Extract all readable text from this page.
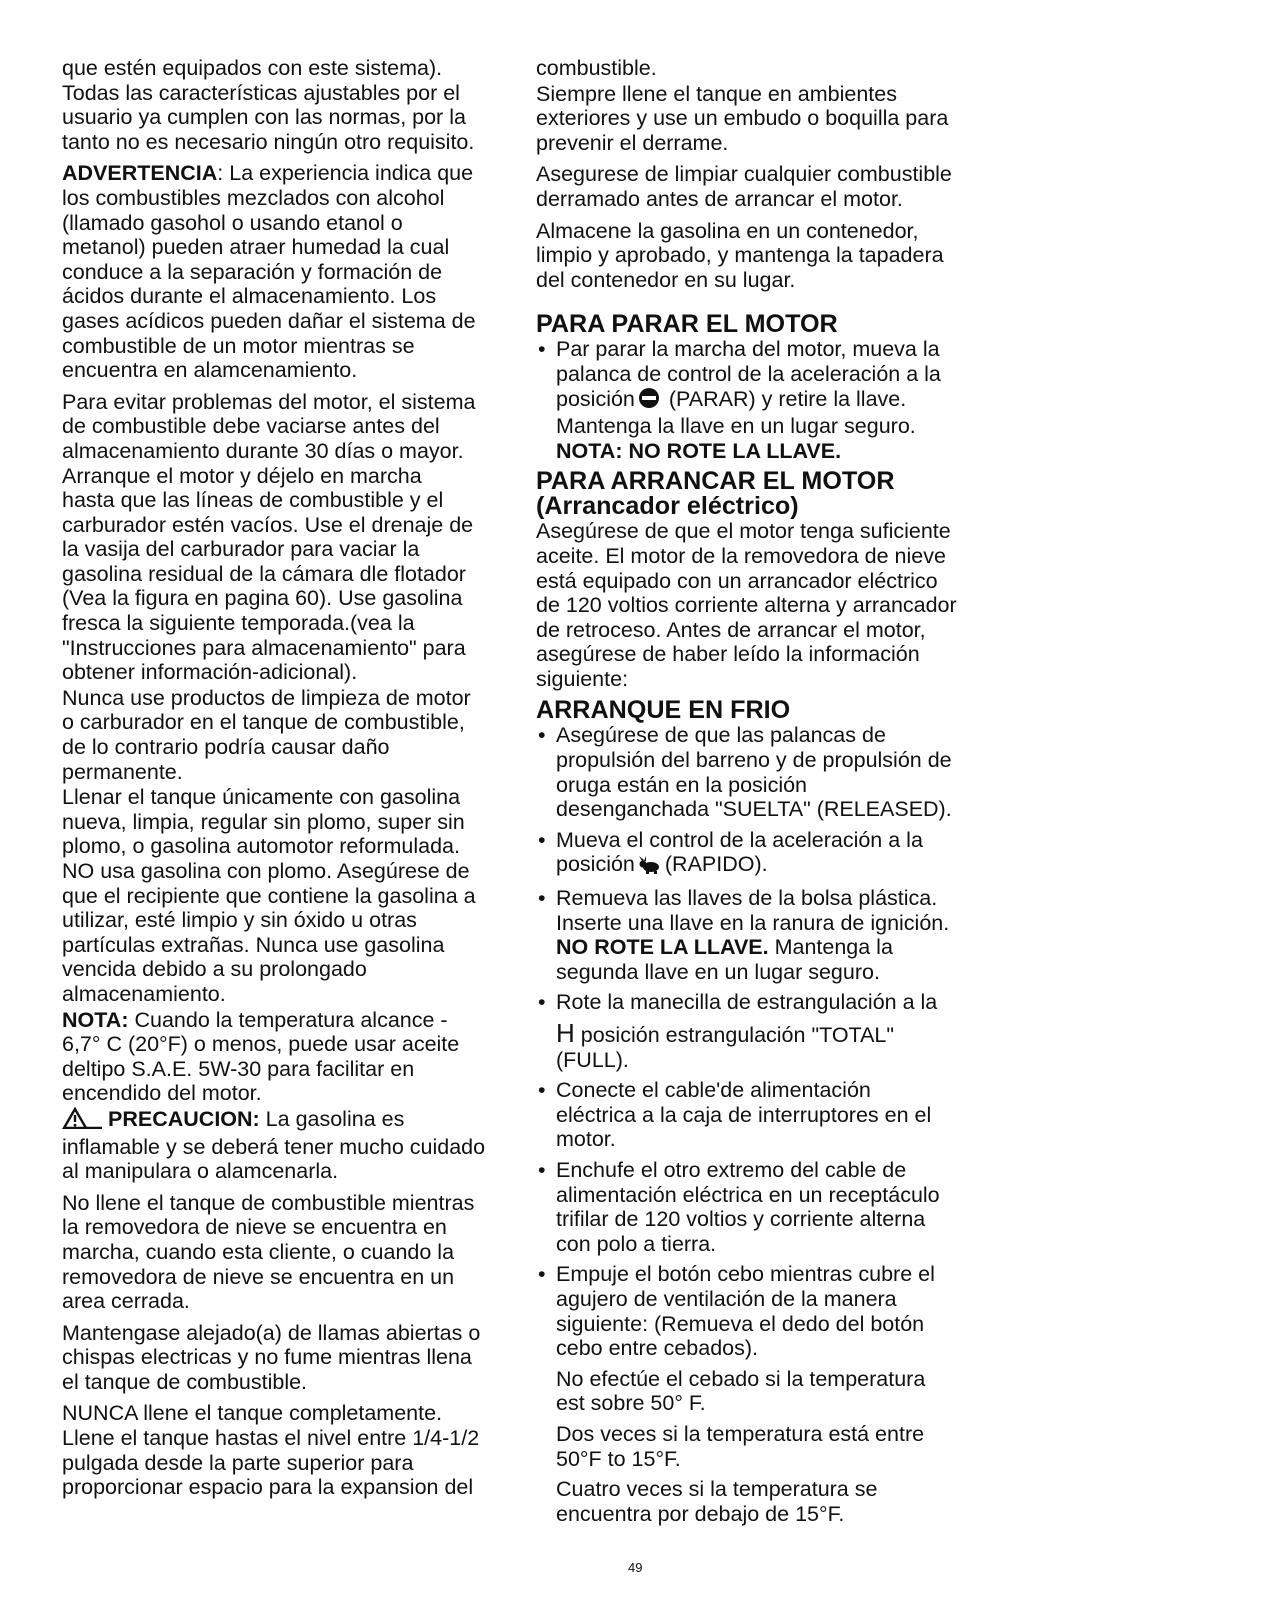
que estén equipados con este sistema).
Todas las características ajustables por el
usuario ya cumplen con las normas, por la
tanto no es necesario ningún otro requisito.

ADVERTENCIA: La experiencia indica que
los combustibles mezclados con alcohol
(llamado gasohol o usando etanol o
metanol) pueden atraer humedad la cual
conduce a la separación y formación de
ácidos durante el almacenamiento. Los
gases acídicos pueden dañar el sistema de
combustible de un motor mientras se
encuentra en alamcenamiento.

Para evitar problemas del motor, el sistema
de combustible debe vaciarse antes del
almacenamiento durante 30 días o mayor.
Arranque el motor y déjelo en marcha
hasta que las líneas de combustible y el
carburador estén vacíos. Use el drenaje de
la vasija del carburador para vaciar la
gasolina residual de la cámara dle flotador
(Vea la figura en pagina 60). Use gasolina
fresca la siguiente temporada.(vea la
"Instrucciones para almacenamiento" para
obtener información-adicional).

Nunca use productos de limpieza de motor
o carburador en el tanque de combustible,
de lo contrario podría causar daño
permanente.

Llenar el tanque únicamente con gasolina
nueva, limpia, regular sin plomo, super sin
plomo, o gasolina automotor reformulada.
NO usa gasolina con plomo. Asegúrese de
que el recipiente que contiene la gasolina a
utilizar, esté limpio y sin óxido u otras
partículas extrañas. Nunca use gasolina
vencida debido a su prolongado
almacenamiento.

NOTA: Cuando la temperatura alcance -
6,7° C (20°F) o menos, puede usar aceite
deltipo S.A.E. 5W-30 para facilitar en
encendido del motor.

PRECAUCION: La gasolina es
inflamable y se deberá tener mucho cuidado
al manipulara o alamcenarla.

No llene el tanque de combustible mientras
la removedora de nieve se encuentra en
marcha, cuando esta cliente, o cuando la
removedora de nieve se encuentra en un
area cerrada.

Mantengase alejado(a) de llamas abiertas o
chispas electricas y no fume mientras llena
el tanque de combustible.

NUNCA llene el tanque completamente.
Llene el tanque hastas el nivel entre 1/4-1/2
pulgada desde la parte superior para
proporcionar espacio para la expansion del

combustible.

Siempre llene el tanque en ambientes
exteriores y use un embudo o boquilla para
prevenir el derrame.

Asegurese de limpiar cualquier combustible
derramado antes de arrancar el motor.

Almacene la gasolina en un contenedor,
limpio y aprobado, y mantenga la tapadera
del contenedor en su lugar.

PARA PARAR EL MOTOR
• Par parar la marcha del motor, mueva la
palanca de control de la aceleración a la
posición (PARAR) y retire la llave.
Mantenga la llave en un lugar seguro.
NOTA: NO ROTE LA LLAVE.
PARA ARRANCAR EL MOTOR
(Arrancador eléctrico)

Asegúrese de que el motor tenga suficiente
aceite. El motor de la removedora de nieve
está equipado con un arrancador eléctrico
de 120 voltios corriente alterna y arrancador
de retroceso. Antes de arrancar el motor,
asegúrese de haber leído la información
siguiente:

ARRANQUE EN FRIO
• Asegúrese de que las palancas de
propulsión del barreno y de propulsión de
oruga están en la posición
desenganchada "SUELTA" (RELEASED).
• Mueva el control de la aceleración a la
posición (RAPIDO).
• Remueva las llaves de la bolsa plástica.
Inserte una llave en la ranura de ignición.
NO ROTE LA LLAVE. Mantenga la
segunda llave en un lugar seguro.
• Rote la manecilla de estrangulación a la
H posición estrangulación "TOTAL"
(FULL).
• Conecte el cable'de alimentación
eléctrica a la caja de interruptores en el
motor.
• Enchufe el otro extremo del cable de
alimentación eléctrica en un receptáculo
trifilar de 120 voltios y corriente alterna
con polo a tierra.
• Empuje el botón cebo mientras cubre el
agujero de ventilación de la manera
siguiente: (Remueva el dedo del botón
cebo entre cebados).

No efectúe el cebado si la temperatura
est sobre 50° F.

Dos veces si la temperatura está entre
50°F to 15°F.

Cuatro veces si la temperatura se
encuentra por debajo de 15°F.

49
